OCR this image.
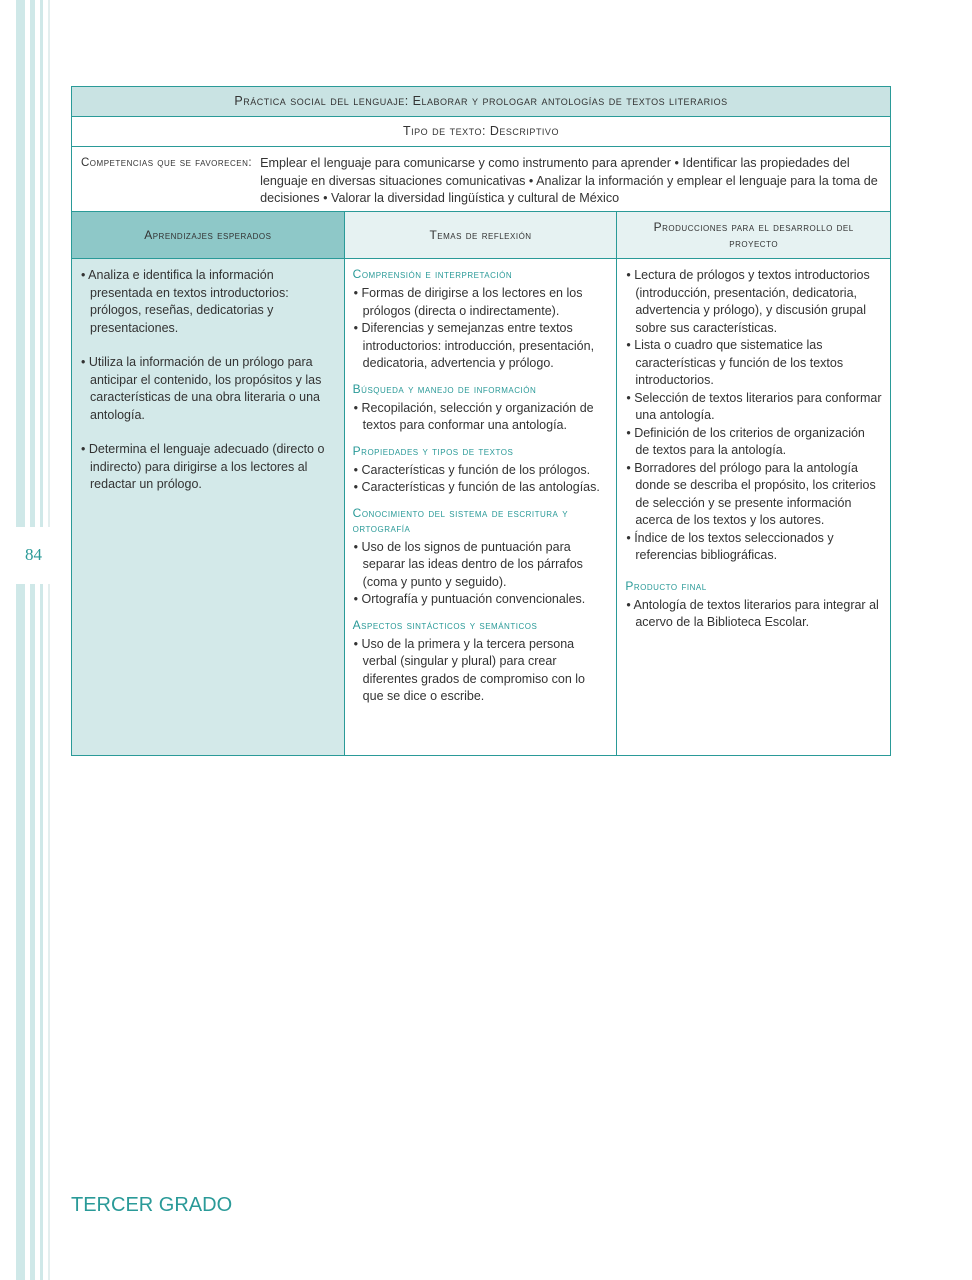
84
Práctica social del lenguaje: Elaborar y prologar antologías de textos literarios
Tipo de texto: Descriptivo
Competencias que se favorecen: Emplear el lenguaje para comunicarse y como instrumento para aprender • Identificar las propiedades del lenguaje en diversas situaciones comunicativas • Analizar la información y emplear el lenguaje para la toma de decisiones • Valorar la diversidad lingüística y cultural de México
Aprendizajes esperados
• Analiza e identifica la información presentada en textos introductorios: prólogos, reseñas, dedicatorias y presentaciones.
• Utiliza la información de un prólogo para anticipar el contenido, los propósitos y las características de una obra literaria o una antología.
• Determina el lenguaje adecuado (directo o indirecto) para dirigirse a los lectores al redactar un prólogo.
Temas de reflexión
Comprensión e interpretación
• Formas de dirigirse a los lectores en los prólogos (directa o indirectamente).
• Diferencias y semejanzas entre textos introductorios: introducción, presentación, dedicatoria, advertencia y prólogo.
Búsqueda y manejo de información
• Recopilación, selección y organización de textos para conformar una antología.
Propiedades y tipos de textos
• Características y función de los prólogos.
• Características y función de las antologías.
Conocimiento del sistema de escritura y ortografía
• Uso de los signos de puntuación para separar las ideas dentro de los párrafos (coma y punto y seguido).
• Ortografía y puntuación convencionales.
Aspectos sintácticos y semánticos
• Uso de la primera y la tercera persona verbal (singular y plural) para crear diferentes grados de compromiso con lo que se dice o escribe.
Producciones para el desarrollo del proyecto
• Lectura de prólogos y textos introductorios (introducción, presentación, dedicatoria, advertencia y prólogo), y discusión grupal sobre sus características.
• Lista o cuadro que sistematice las características y función de los textos introductorios.
• Selección de textos literarios para conformar una antología.
• Definición de los criterios de organización de textos para la antología.
• Borradores del prólogo para la antología donde se describa el propósito, los criterios de selección y se presente información acerca de los textos y los autores.
• Índice de los textos seleccionados y referencias bibliográficas.
Producto final
• Antología de textos literarios para integrar al acervo de la Biblioteca Escolar.
TERCER GRADO
